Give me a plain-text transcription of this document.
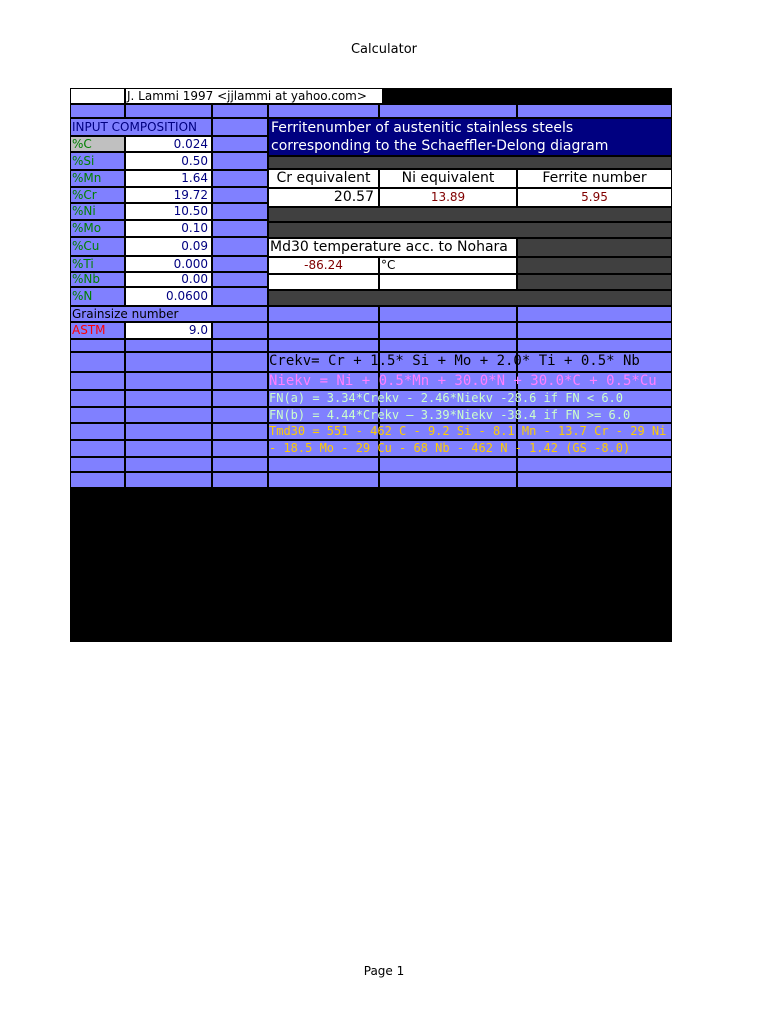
Calculator
J. Lammi 1997 <jjlammi at yahoo.com>
INPUT COMPOSITION	Ferritenumber of austenitic stainless steels
corresponding to the Schaeffler-Delong diagram
%C	0.024
%Si	0.50
%Mn	1.64
%Cr	19.72
%Ni	10.50
%Mo	0.10
%Cu	0.09
%Ti	0.000
%Nb	0.00
%N	0.0600
Cr equivalent	Ni equivalent	Ferrite number
20.57	13.89	5.95
Md30 temperature acc. to Nohara
-86.24	°C
Grainsize number
ASTM	9.0
Crekv= Cr + 1.5* Si + Mo + 2.0* Ti + 0.5* Nb
Niekv = Ni + 0.5*Mn + 30.0*N + 30.0*C + 0.5*Cu
FN(a) = 3.34*Crekv - 2.46*Niekv -28.6 if FN < 6.0
FN(b) = 4.44*Crekv — 3.39*Niekv -38.4 if FN >= 6.0
Tmd30 = 551 - 462 C - 9.2 Si - 8.1 Mn - 13.7 Cr - 29 Ni
- 18.5 Mo - 29 Cu - 68 Nb - 462 N - 1.42 (GS -8.0)
Page 1
